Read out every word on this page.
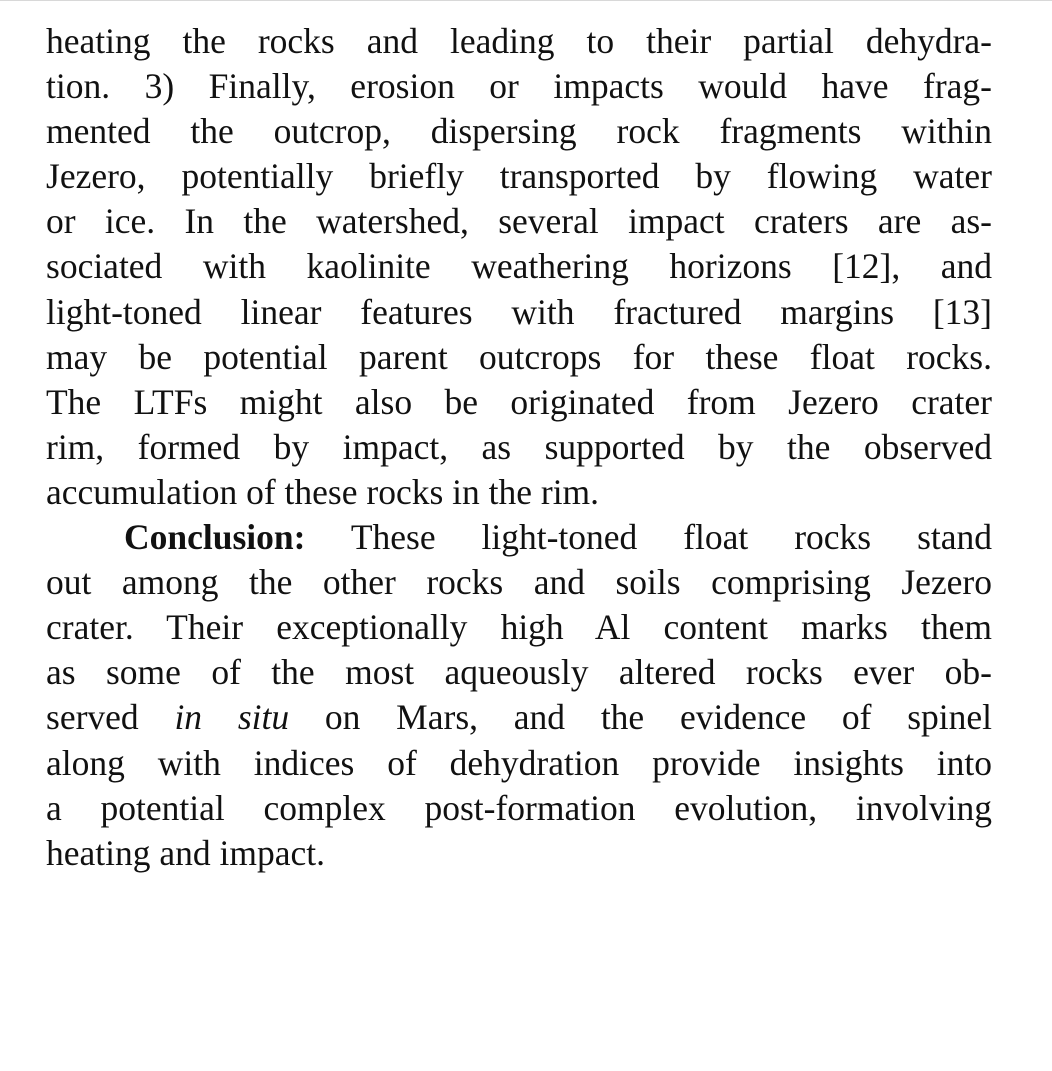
heating the rocks and leading to their partial dehydra-
tion. 3) Finally, erosion or impacts would have frag-
mented the outcrop, dispersing rock fragments within
Jezero, potentially briefly transported by flowing water
or ice. In the watershed, several impact craters are as-
sociated with kaolinite weathering horizons [12], and
light-toned linear features with fractured margins [13]
may be potential parent outcrops for these float rocks.
The LTFs might also be originated from Jezero crater
rim, formed by impact, as supported by the observed
accumulation of these rocks in the rim.
Conclusion: These light-toned float rocks stand
out among the other rocks and soils comprising Jezero
crater. Their exceptionally high Al content marks them
as some of the most aqueously altered rocks ever ob-
served in situ on Mars, and the evidence of spinel
along with indices of dehydration provide insights into
a potential complex post-formation evolution, involving
heating and impact.
